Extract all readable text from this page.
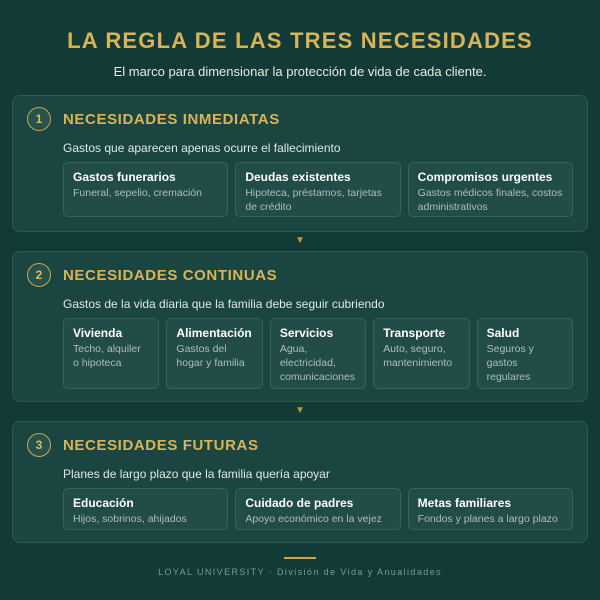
LA REGLA DE LAS TRES NECESIDADES
El marco para dimensionar la protección de vida de cada cliente.
1	NECESIDADES INMEDIATAS
Gastos que aparecen apenas ocurre el fallecimiento
Gastos funerarios
Funeral, sepelio, cremación
Deudas existentes
Hipoteca, préstamos, tarjetas de crédito
Compromisos urgentes
Gastos médicos finales, costos administrativos
▼
2	NECESIDADES CONTINUAS
Gastos de la vida diaria que la familia debe seguir cubriendo
Vivienda
Techo, alquiler o hipoteca
Alimentación
Gastos del hogar y familia
Servicios
Agua, electricidad, comunicaciones
Transporte
Auto, seguro, mantenimiento
Salud
Seguros y gastos regulares
▼
3	NECESIDADES FUTURAS
Planes de largo plazo que la familia quería apoyar
Educación
Hijos, sobrinos, ahijados
Cuidado de padres
Apoyo económico en la vejez
Metas familiares
Fondos y planes a largo plazo
LOYAL UNIVERSITY · División de Vida y Anualidades
